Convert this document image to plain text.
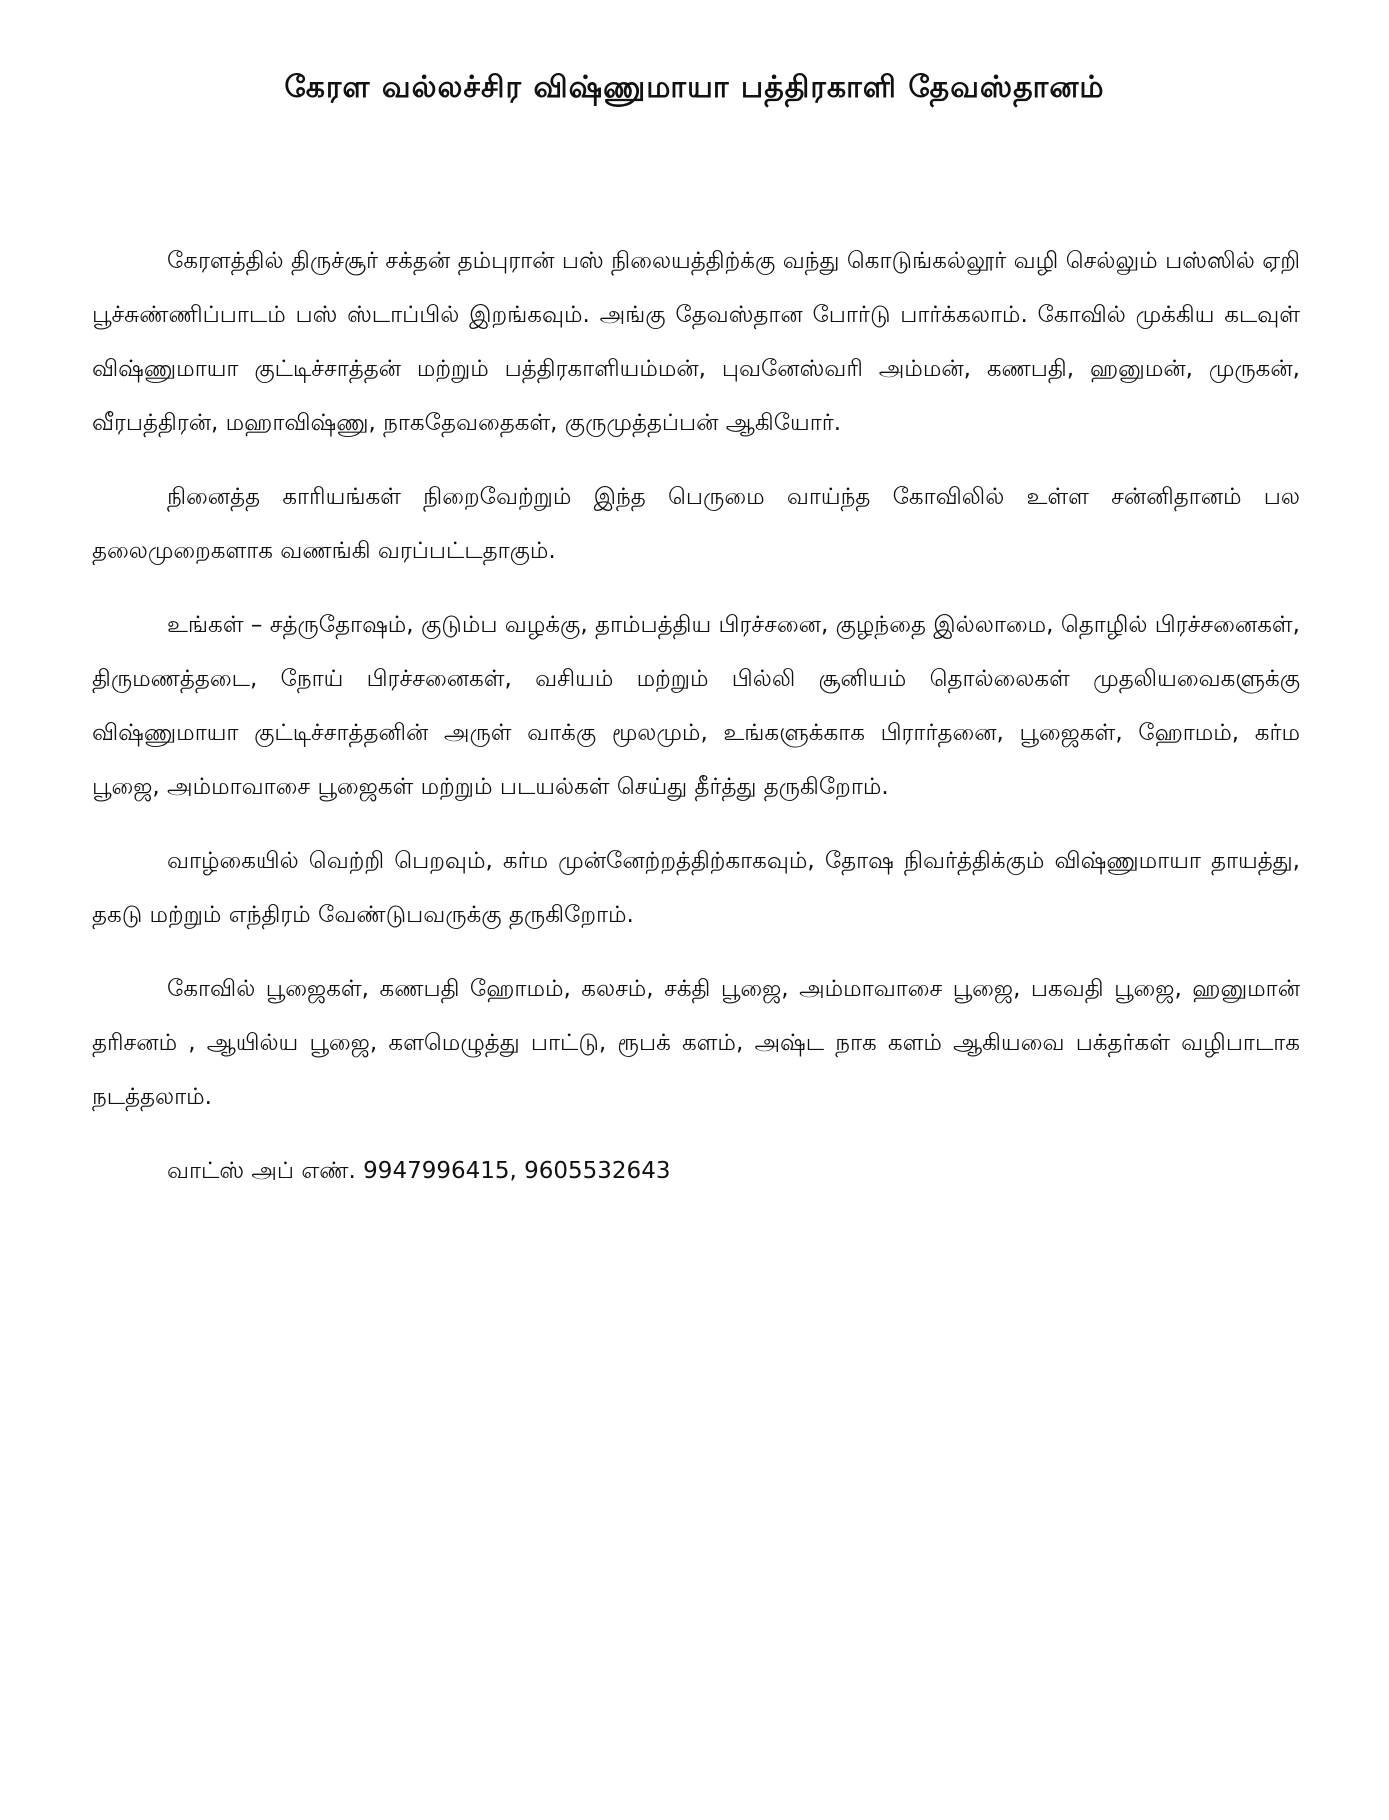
கேரள வல்லச்சிர விஷ்ணுமாயா பத்திரகாளி தேவஸ்தானம்

கேரளத்தில் திருச்சூர் சக்தன் தம்புரான் பஸ் நிலையத்திற்க்கு வந்து கொடுங்கல்லூர் வழி செல்லும் பஸ்ஸில் ஏறி பூச்சுண்ணிப்பாடம் பஸ் ஸ்டாப்பில் இறங்கவும். அங்கு தேவஸ்தான போர்டு பார்க்கலாம். கோவில் முக்கிய கடவுள் விஷ்ணுமாயா குட்டிச்சாத்தன் மற்றும் பத்திரகாளியம்மன், புவனேஸ்வரி அம்மன், கணபதி, ஹனுமன், முருகன், வீரபத்திரன், மஹாவிஷ்ணு, நாகதேவதைகள், குருமுத்தப்பன் ஆகியோர்.

நினைத்த காரியங்கள் நிறைவேற்றும் இந்த பெருமை வாய்ந்த கோவிலில் உள்ள சன்னிதானம் பல தலைமுறைகளாக வணங்கி வரப்பட்டதாகும்.

உங்கள் – சத்ருதோஷம், குடும்ப வழக்கு, தாம்பத்திய பிரச்சனை, குழந்தை இல்லாமை, தொழில் பிரச்சனைகள், திருமணத்தடை, நோய் பிரச்சனைகள், வசியம் மற்றும் பில்லி சூனியம் தொல்லைகள் முதலியவைகளுக்கு விஷ்ணுமாயா குட்டிச்சாத்தனின் அருள் வாக்கு மூலமும், உங்களுக்காக பிரார்தனை, பூஜைகள், ஹோமம், கர்ம பூஜை, அம்மாவாசை பூஜைகள் மற்றும் படயல்கள் செய்து தீர்த்து தருகிறோம்.

வாழ்கையில் வெற்றி பெறவும், கர்ம முன்னேற்றத்திற்காகவும், தோஷ நிவர்த்திக்கும் விஷ்ணுமாயா தாயத்து, தகடு மற்றும் எந்திரம் வேண்டுபவருக்கு தருகிறோம்.

கோவில் பூஜைகள், கணபதி ஹோமம், கலசம், சக்தி பூஜை, அம்மாவாசை பூஜை, பகவதி பூஜை, ஹனுமான் தரிசனம் , ஆயில்ய பூஜை, களமெழுத்து பாட்டு, ரூபக் களம், அஷ்ட நாக களம் ஆகியவை பக்தர்கள் வழிபாடாக நடத்தலாம்.

வாட்ஸ் அப் எண். 9947996415, 9605532643
